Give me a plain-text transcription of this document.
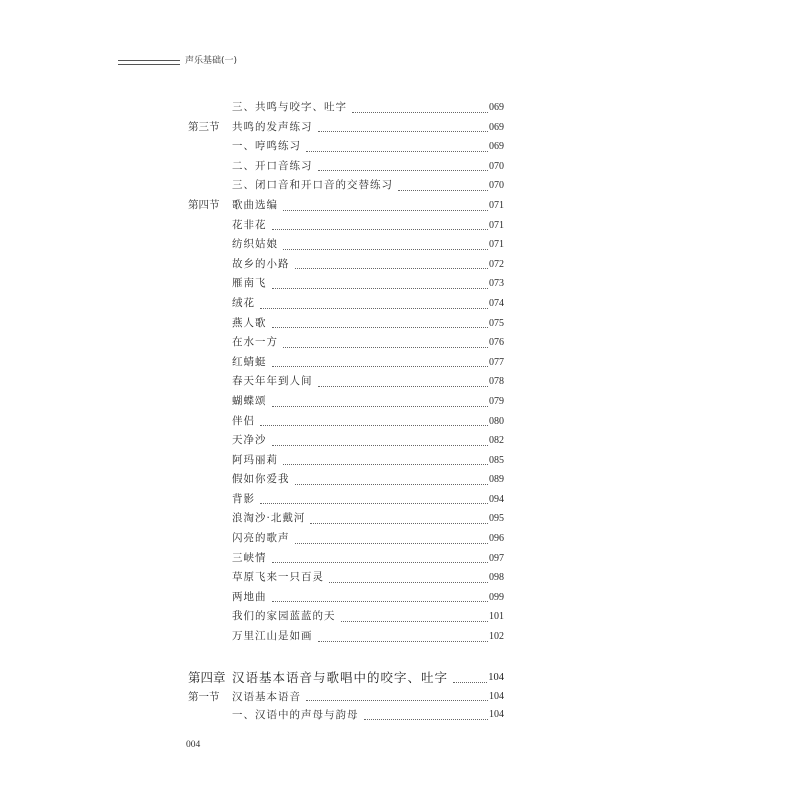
声乐基础(一)
三、共鸣与咬字、吐字	069
第三节	共鸣的发声练习	069
一、哼鸣练习	069
二、开口音练习	070
三、闭口音和开口音的交替练习	070
第四节	歌曲选编	071
花非花	071
纺织姑娘	071
故乡的小路	072
雁南飞	073
绒花	074
燕人歌	075
在水一方	076
红蜻蜓	077
春天年年到人间	078
蝴蝶颂	079
伴侣	080
天净沙	082
阿玛丽莉	085
假如你爱我	089
背影	094
浪淘沙·北戴河	095
闪亮的歌声	096
三峡情	097
草原飞来一只百灵	098
两地曲	099
我们的家园蓝蓝的天	101
万里江山是如画	102
第四章 汉语基本语音与歌唱中的咬字、吐字	104
第一节	汉语基本语音	104
一、汉语中的声母与韵母	104
004
